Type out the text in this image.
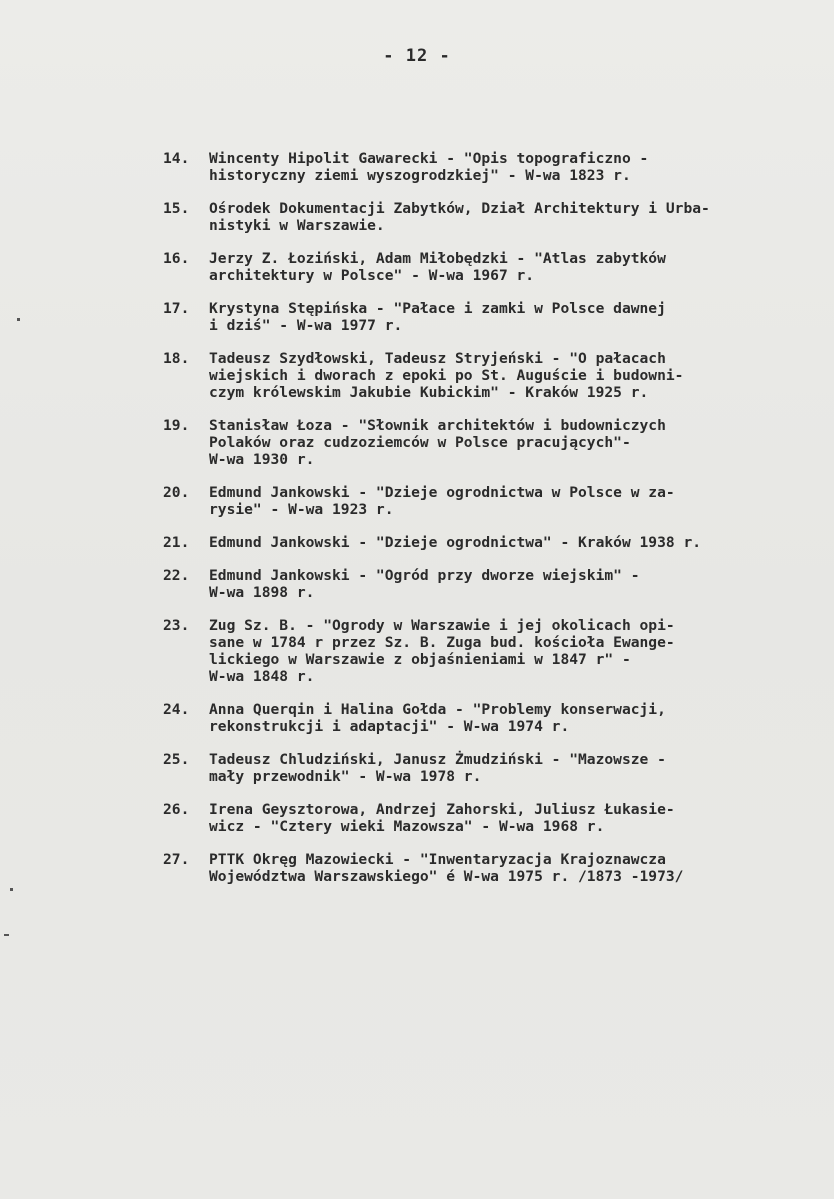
- 12 -
14.	Wincenty Hipolit Gawarecki - "Opis topograficzno -
historyczny ziemi wyszogrodzkiej" - W-wa 1823 r.
15.	Ośrodek Dokumentacji Zabytków, Dział Architektury i Urba-
nistyki w Warszawie.
16.	Jerzy Z. Łoziński, Adam Miłobędzki - "Atlas zabytków
architektury w Polsce" - W-wa 1967 r.
17.	Krystyna Stępińska - "Pałace i zamki w Polsce dawnej
i dziś" - W-wa 1977 r.
18.	Tadeusz Szydłowski, Tadeusz Stryjeński - "O pałacach
wiejskich i dworach z epoki po St. Auguście i budowni-
czym królewskim Jakubie Kubickim" - Kraków 1925 r.
19.	Stanisław Łoza - "Słownik architektów i budowniczych
Polaków oraz cudzoziemców w Polsce pracujących"-
W-wa 1930 r.
20.	Edmund Jankowski - "Dzieje ogrodnictwa w Polsce w za-
rysie" - W-wa 1923 r.
21.	Edmund Jankowski - "Dzieje ogrodnictwa" - Kraków 1938 r.
22.	Edmund Jankowski - "Ogród przy dworze wiejskim" -
W-wa 1898 r.
23.	Zug Sz. B. - "Ogrody w Warszawie i jej okolicach opi-
sane w 1784 r przez Sz. B. Zuga bud. kościoła Ewange-
lickiego w Warszawie z objaśnieniami w 1847 r" -
W-wa 1848 r.
24.	Anna Querqin i Halina Gołda - "Problemy konserwacji,
rekonstrukcji i adaptacji" - W-wa 1974 r.
25.	Tadeusz Chludziński, Janusz Żmudziński - "Mazowsze -
mały przewodnik" - W-wa 1978 r.
26.	Irena Geysztorowa, Andrzej Zahorski, Juliusz Łukasie-
wicz - "Cztery wieki Mazowsza" - W-wa 1968 r.
27.	PTTK Okręg Mazowiecki - "Inwentaryzacja Krajoznawcza
Województwa Warszawskiego" é W-wa 1975 r. /1873 -1973/
